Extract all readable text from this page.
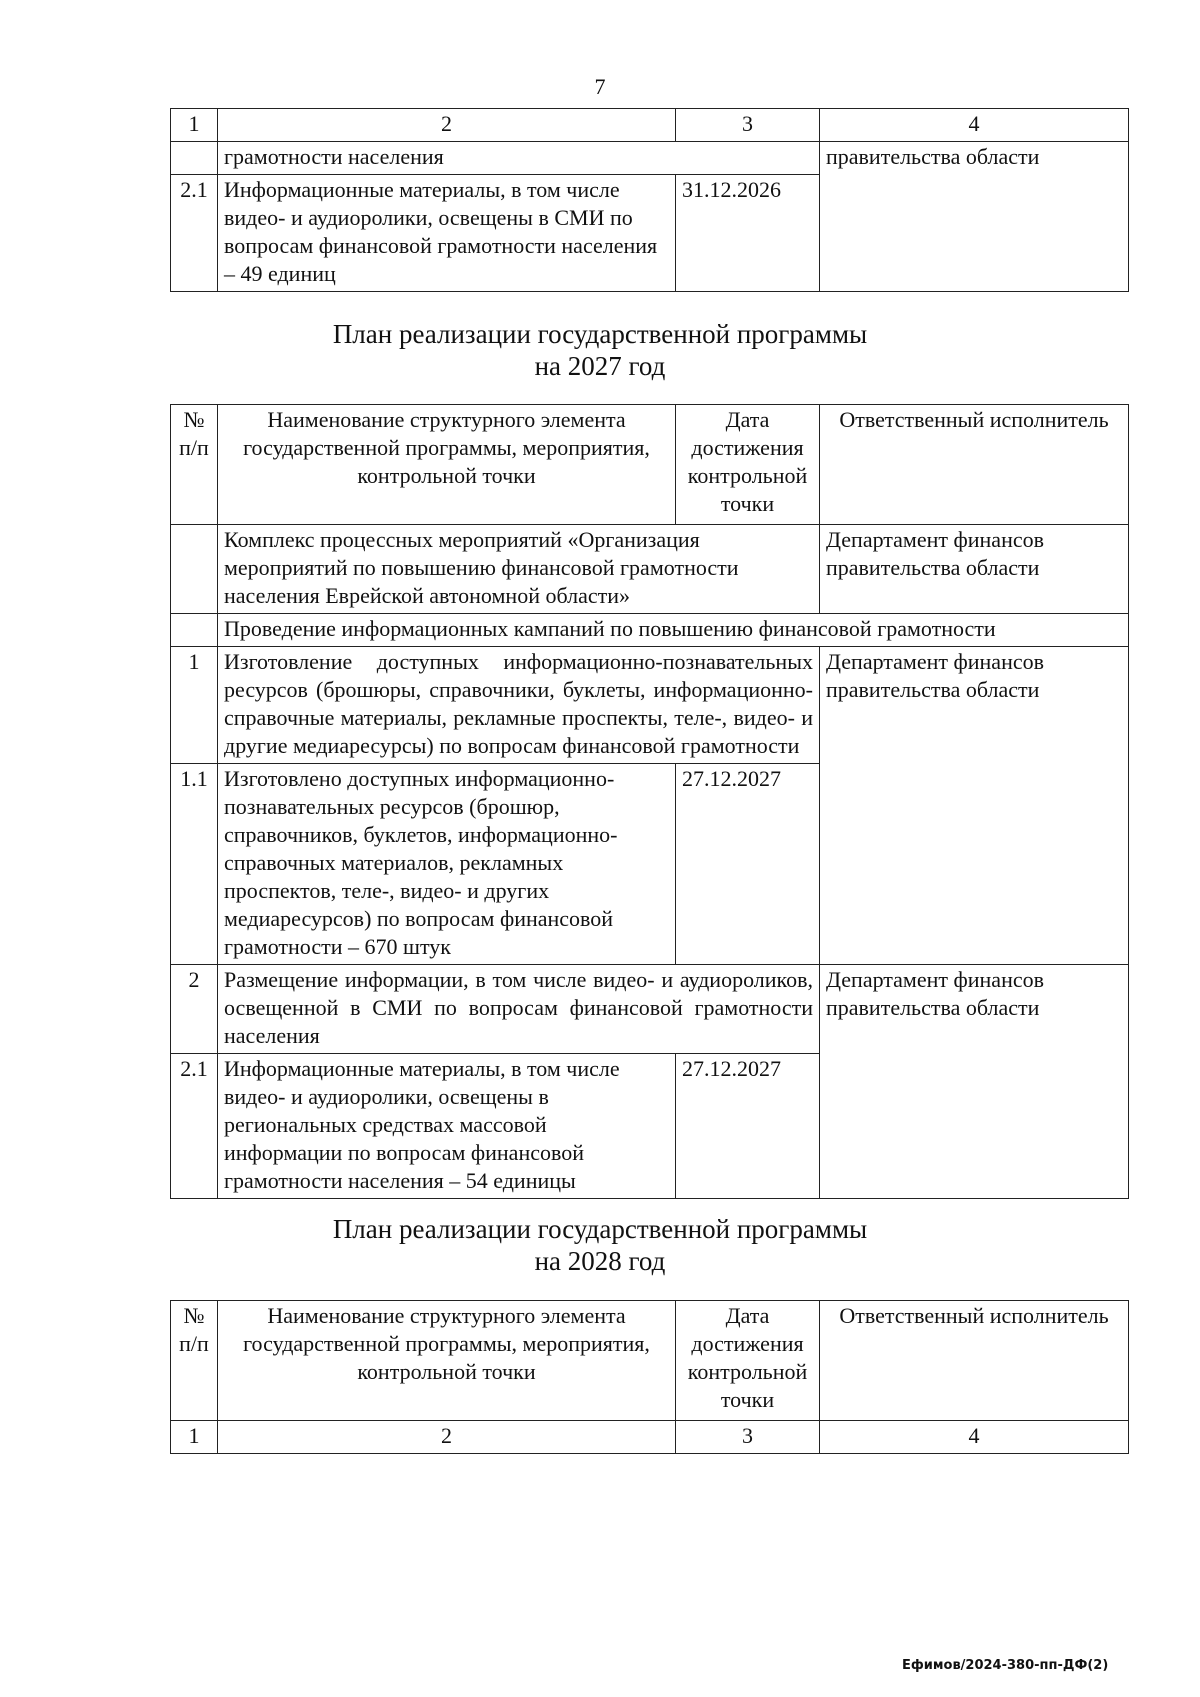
7
1	2	3	4
	грамотности населения		правительства области
2.1	Информационные материалы, в том числе видео- и аудиоролики, освещены в СМИ по вопросам финансовой грамотности населения – 49 единиц	31.12.2026	
План реализации государственной программы
на 2027 год
№ п/п	Наименование структурного элемента государственной программы, мероприятия, контрольной точки	Дата достижения контрольной точки	Ответственный исполнитель
	Комплекс процессных мероприятий «Организация мероприятий по повышению финансовой грамотности населения Еврейской автономной области»		Департамент финансов правительства области
	Проведение информационных кампаний по повышению финансовой грамотности		
1	Изготовление доступных информационно-познавательных ресурсов (брошюры, справочники, буклеты, информационно-справочные материалы, рекламные проспекты, теле-, видео- и другие медиаресурсы) по вопросам финансовой грамотности		Департамент финансов правительства области
1.1	Изготовлено доступных информационно-познавательных ресурсов (брошюр, справочников, буклетов, информационно-справочных материалов, рекламных проспектов, теле-, видео- и других медиаресурсов) по вопросам финансовой грамотности – 670 штук	27.12.2027	
2	Размещение информации, в том числе видео- и аудиороликов, освещенной в СМИ по вопросам финансовой грамотности населения		Департамент финансов правительства области
2.1	Информационные материалы, в том числе видео- и аудиоролики, освещены в региональных средствах массовой информации по вопросам финансовой грамотности населения – 54 единицы	27.12.2027	
План реализации государственной программы
на 2028 год
№ п/п	Наименование структурного элемента государственной программы, мероприятия, контрольной точки	Дата достижения контрольной точки	Ответственный исполнитель
1	2	3	4
Ефимов/2024-380-пп-ДФ(2)
